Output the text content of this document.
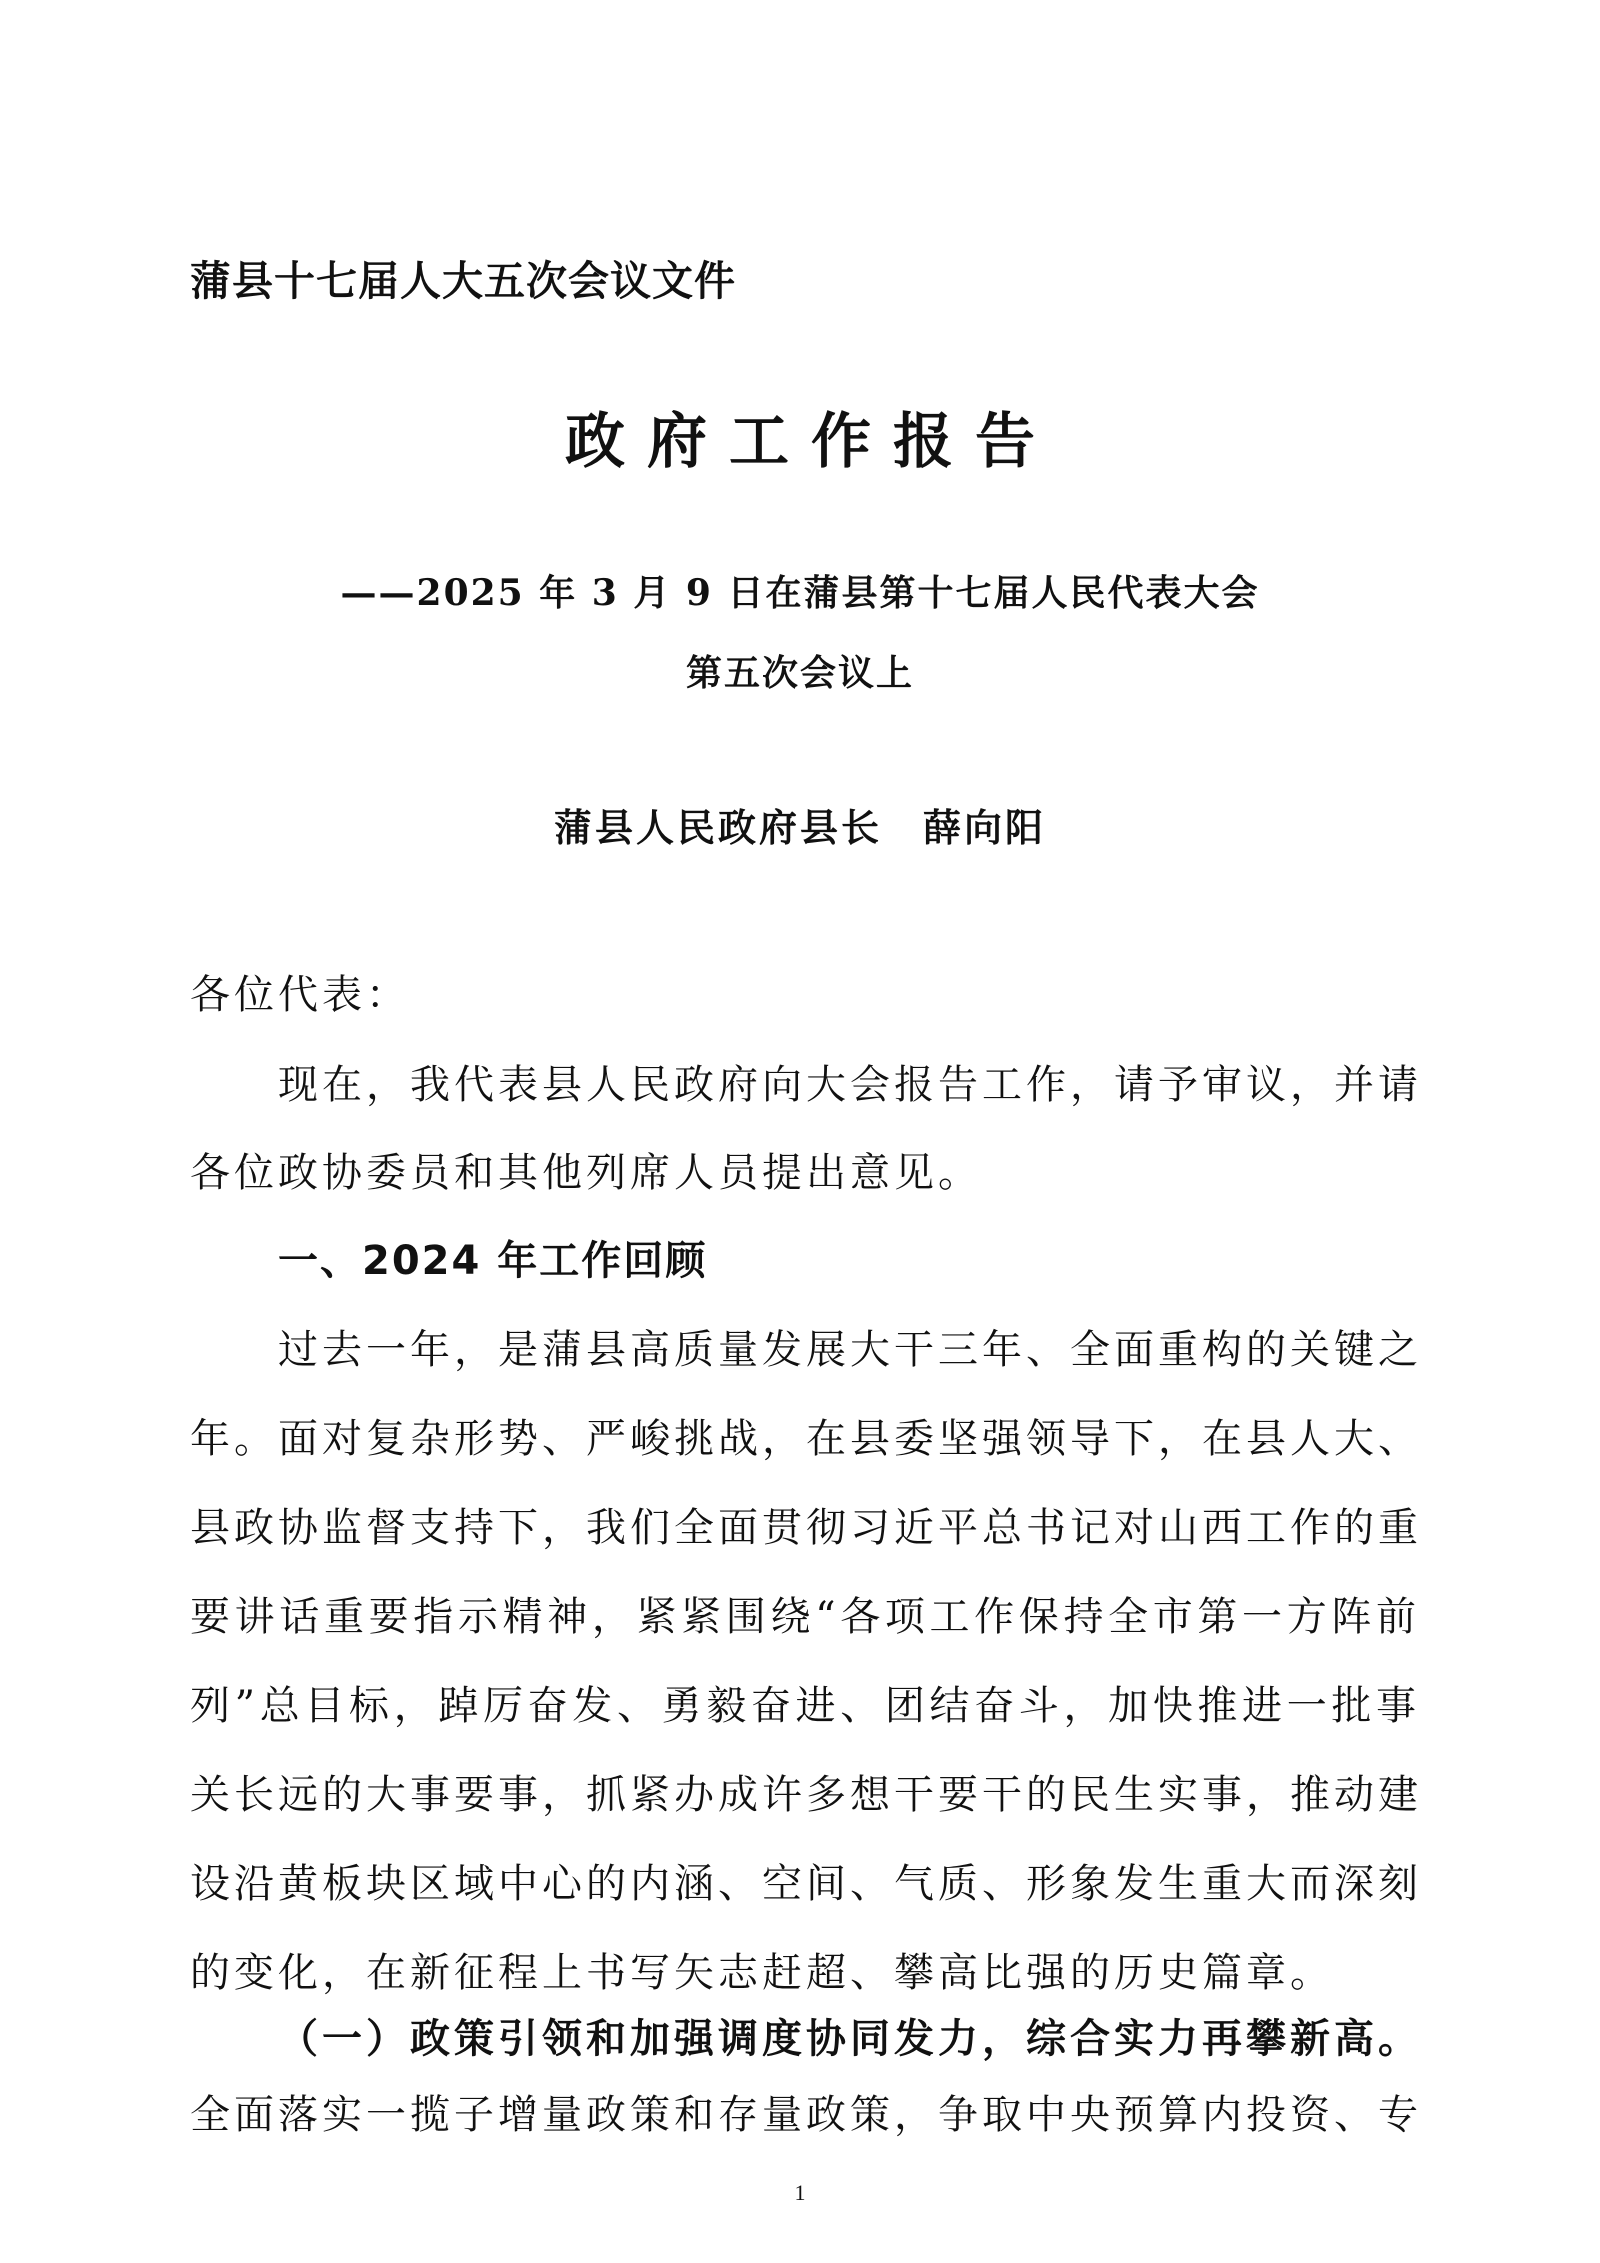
蒲县十七届人大五次会议文件
政府工作报告
——2025 年 3 月 9 日在蒲县第十七届人民代表大会
第五次会议上
蒲县人民政府县长　薛向阳
各位代表：
现在，我代表县人民政府向大会报告工作，请予审议，并请
各位政协委员和其他列席人员提出意见。
一、2024 年工作回顾
过去一年，是蒲县高质量发展大干三年、全面重构的关键之
年。面对复杂形势、严峻挑战，在县委坚强领导下，在县人大、
县政协监督支持下，我们全面贯彻习近平总书记对山西工作的重
要讲话重要指示精神，紧紧围绕“各项工作保持全市第一方阵前
列”总目标，踔厉奋发、勇毅奋进、团结奋斗，加快推进一批事
关长远的大事要事，抓紧办成许多想干要干的民生实事，推动建
设沿黄板块区域中心的内涵、空间、气质、形象发生重大而深刻
的变化，在新征程上书写矢志赶超、攀高比强的历史篇章。
（一）政策引领和加强调度协同发力，综合实力再攀新高。
1
全面落实一揽子增量政策和存量政策，争取中央预算内投资、专
